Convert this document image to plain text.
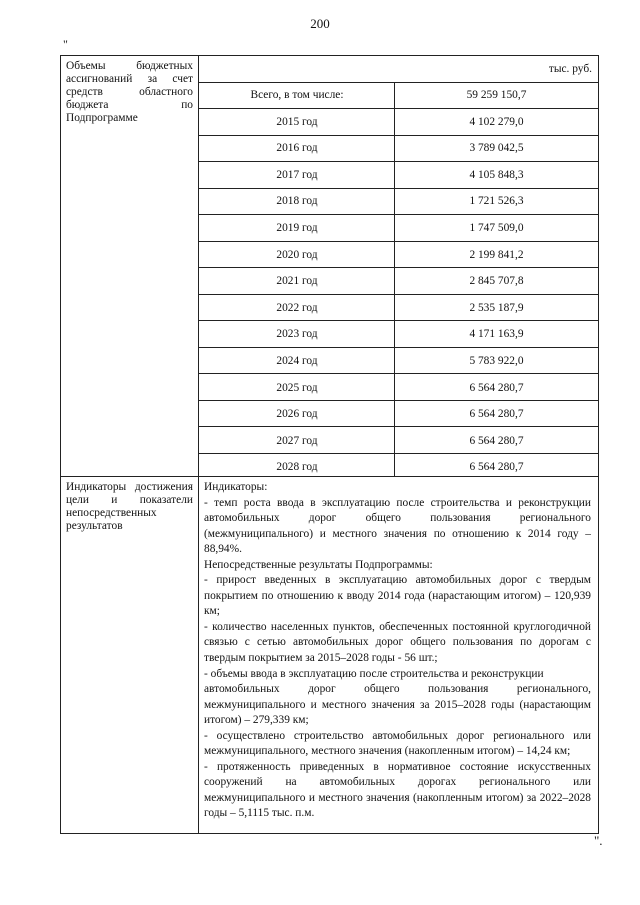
200
"
Объемы бюджетных ассигнований за счет средств областного бюджета по Подпрограмме
тыс. руб.
Всего, в том числе:	59 259 150,7
2015 год	4 102 279,0
2016 год	3 789 042,5
2017 год	4 105 848,3
2018 год	1 721 526,3
2019 год	1 747 509,0
2020 год	2 199 841,2
2021 год	2 845 707,8
2022 год	2 535 187,9
2023 год	4 171 163,9
2024 год	5 783 922,0
2025 год	6 564 280,7
2026 год	6 564 280,7
2027 год	6 564 280,7
2028 год	6 564 280,7
Индикаторы достижения цели и показатели непосредственных результатов

Индикаторы:

- темп роста ввода в эксплуатацию после строительства и реконструкции автомобильных дорог общего пользования регионального (межмуниципального) и местного значения по отношению к 2014 году – 88,94%.

Непосредственные результаты Подпрограммы:

- прирост введенных в эксплуатацию автомобильных дорог с твердым покрытием по отношению к вводу 2014 года (нарастающим итогом) – 120,939 км;

- количество населенных пунктов, обеспеченных постоянной круглогодичной связью с сетью автомобильных дорог общего пользования по дорогам с твердым покрытием за 2015–2028 годы - 56 шт.;

- объемы ввода в эксплуатацию после строительства и реконструкции

автомобильных дорог общего пользования регионального, межмуниципального и местного значения за 2015–2028 годы (нарастающим итогом) – 279,339 км;

- осуществлено строительство автомобильных дорог регионального или межмуниципального, местного значения (накопленным итогом) – 14,24 км;

- протяженность приведенных в нормативное состояние искусственных сооружений на автомобильных дорогах регионального или межмуниципального и местного значения (накопленным итогом) за 2022–2028 годы – 5,1115 тыс. п.м.

".
